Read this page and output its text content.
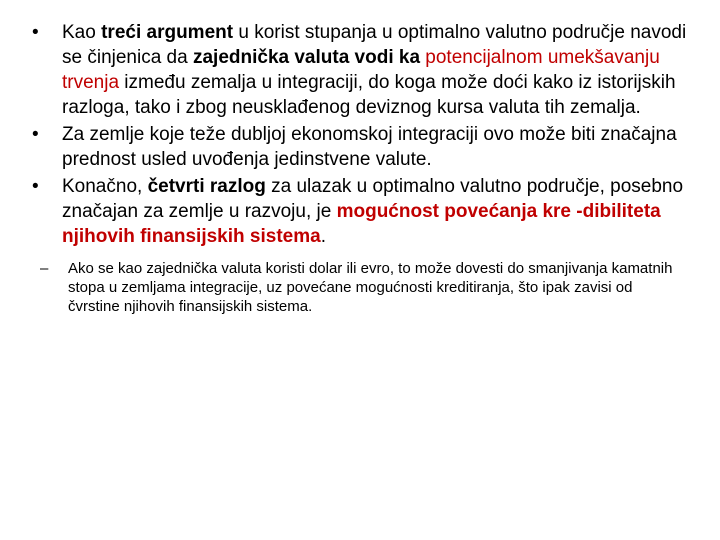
• Kao treći argument u korist stupanja u optimalno valutno područje navodi se činjenica da zajednička valuta vodi ka potencijalnom umekšavanju trvenja između zemalja u integraciji, do koga može doći kako iz istorijskih razloga, tako i zbog neusklađenog deviznog kursa valuta tih zemalja.
• Za zemlje koje teže dubljoj ekonomskoj integraciji ovo može biti značajna prednost usled uvođenja jedinstvene valute.
• Konačno, četvrti razlog za ulazak u optimalno valutno područje, posebno značajan za zemlje u razvoju, je mogućnost povećanja kre -dibiliteta njihovih finansijskih sistema.
– Ako se kao zajednička valuta koristi dolar ili evro, to može dovesti do smanjivanja kamatnih stopa u zemljama integracije, uz povećane mogućnosti kreditiranja, što ipak zavisi od čvrstine njihovih finansijskih sistema.
